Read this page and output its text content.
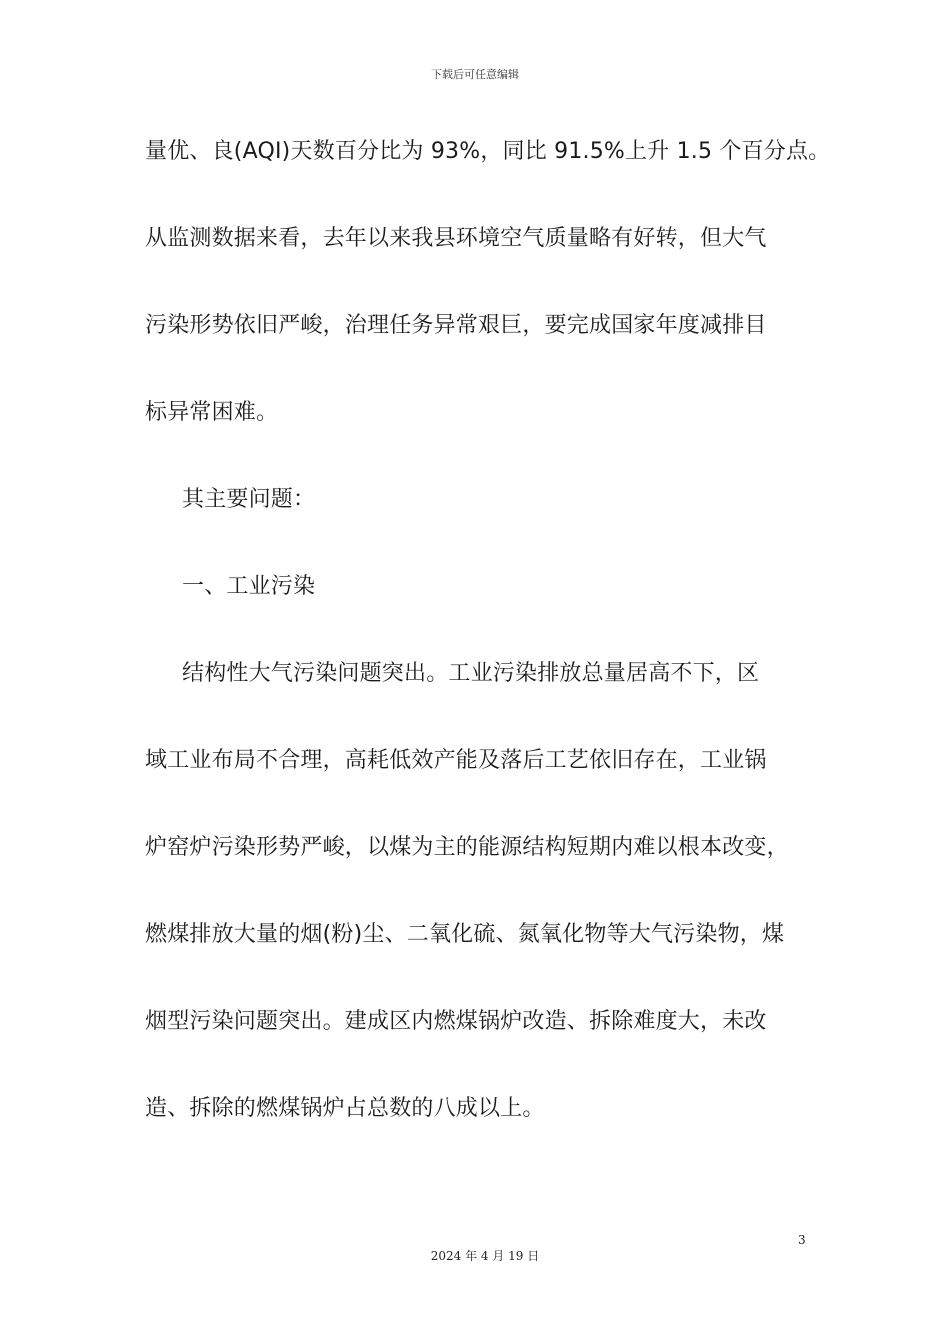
下载后可任意编辑
量优、良(AQI)天数百分比为 93%，同比 91.5%上升 1.5 个百分点。
从监测数据来看，去年以来我县环境空气质量略有好转，但大气
污染形势依旧严峻，治理任务异常艰巨，要完成国家年度减排目
标异常困难。
其主要问题：
一、工业污染
结构性大气污染问题突出。工业污染排放总量居高不下，区
域工业布局不合理，高耗低效产能及落后工艺依旧存在，工业锅
炉窑炉污染形势严峻，以煤为主的能源结构短期内难以根本改变，
燃煤排放大量的烟(粉)尘、二氧化硫、氮氧化物等大气污染物，煤
烟型污染问题突出。建成区内燃煤锅炉改造、拆除难度大，未改
造、拆除的燃煤锅炉占总数的八成以上。
3
2024 年 4 月 19 日
